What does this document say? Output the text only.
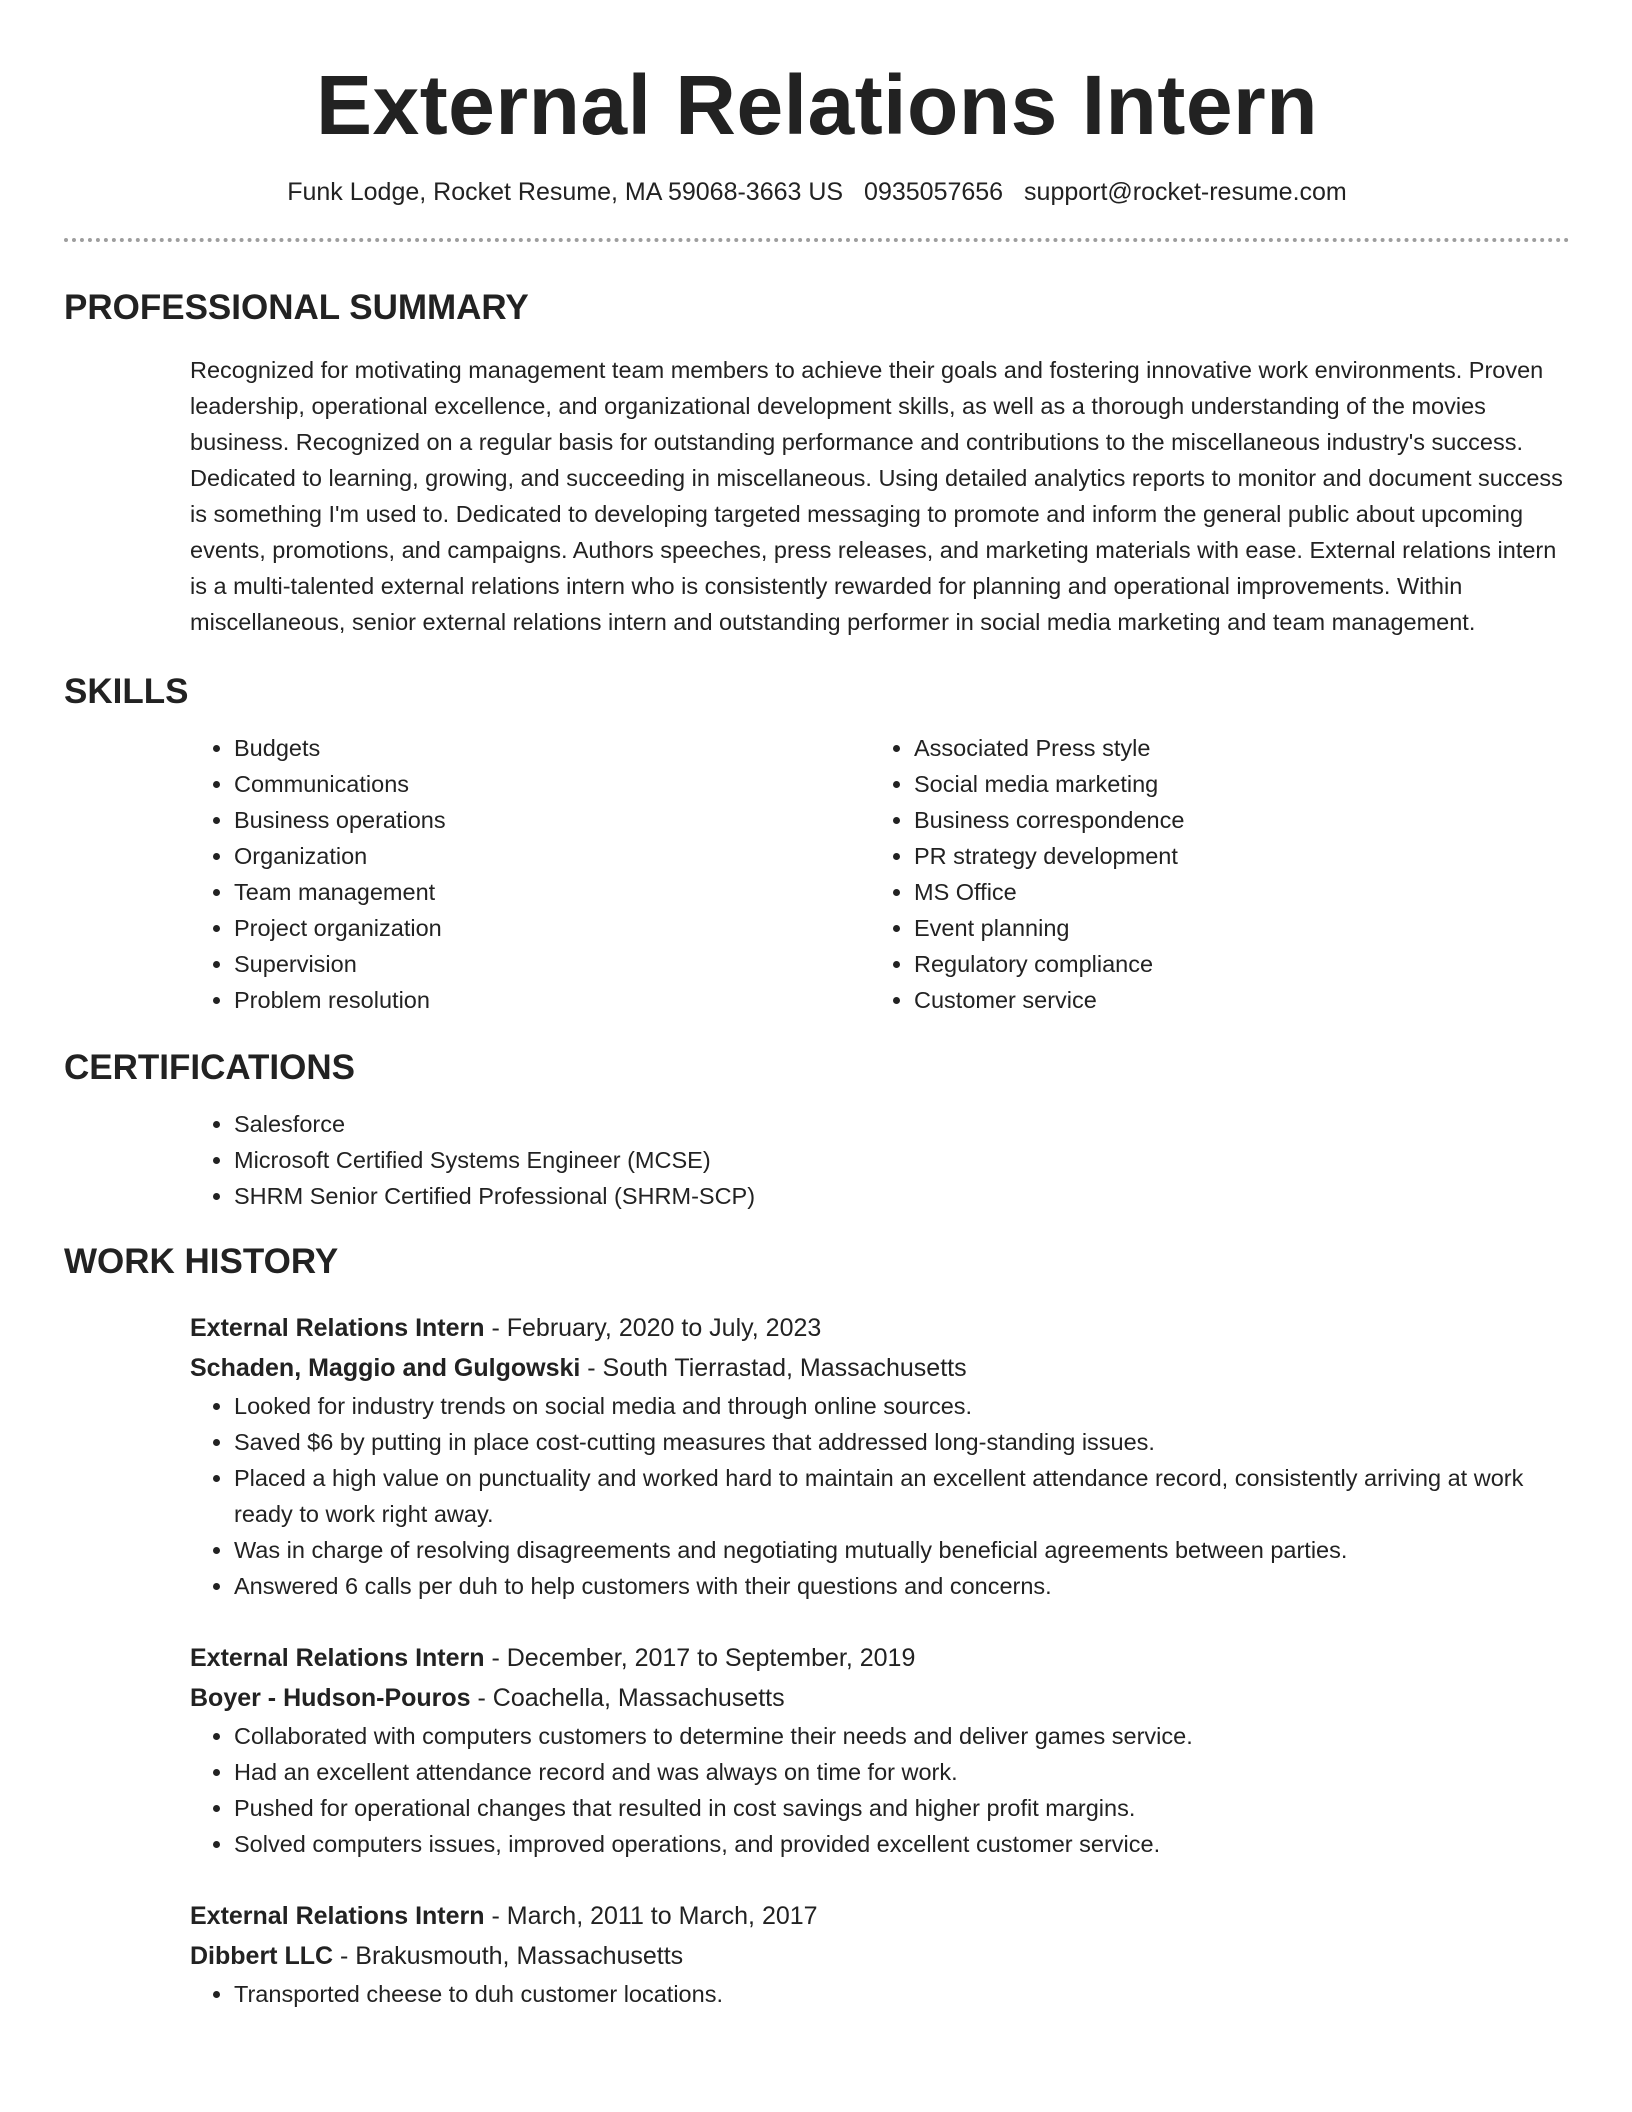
External Relations Intern
Funk Lodge, Rocket Resume, MA 59068-3663 US 0935057656 support@rocket-resume.com
PROFESSIONAL SUMMARY
Recognized for motivating management team members to achieve their goals and fostering innovative work environments. Proven leadership, operational excellence, and organizational development skills, as well as a thorough understanding of the movies business. Recognized on a regular basis for outstanding performance and contributions to the miscellaneous industry's success. Dedicated to learning, growing, and succeeding in miscellaneous. Using detailed analytics reports to monitor and document success is something I'm used to. Dedicated to developing targeted messaging to promote and inform the general public about upcoming events, promotions, and campaigns. Authors speeches, press releases, and marketing materials with ease. External relations intern is a multi-talented external relations intern who is consistently rewarded for planning and operational improvements. Within miscellaneous, senior external relations intern and outstanding performer in social media marketing and team management.
SKILLS
• Budgets
• Communications
• Business operations
• Organization
• Team management
• Project organization
• Supervision
• Problem resolution
• Associated Press style
• Social media marketing
• Business correspondence
• PR strategy development
• MS Office
• Event planning
• Regulatory compliance
• Customer service
CERTIFICATIONS
• Salesforce
• Microsoft Certified Systems Engineer (MCSE)
• SHRM Senior Certified Professional (SHRM-SCP)
WORK HISTORY
External Relations Intern - February, 2020 to July, 2023
Schaden, Maggio and Gulgowski - South Tierrastad, Massachusetts
• Looked for industry trends on social media and through online sources.
• Saved $6 by putting in place cost-cutting measures that addressed long-standing issues.
• Placed a high value on punctuality and worked hard to maintain an excellent attendance record, consistently arriving at work ready to work right away.
• Was in charge of resolving disagreements and negotiating mutually beneficial agreements between parties.
• Answered 6 calls per duh to help customers with their questions and concerns.
External Relations Intern - December, 2017 to September, 2019
Boyer - Hudson-Pouros - Coachella, Massachusetts
• Collaborated with computers customers to determine their needs and deliver games service.
• Had an excellent attendance record and was always on time for work.
• Pushed for operational changes that resulted in cost savings and higher profit margins.
• Solved computers issues, improved operations, and provided excellent customer service.
External Relations Intern - March, 2011 to March, 2017
Dibbert LLC - Brakusmouth, Massachusetts
• Transported cheese to duh customer locations.
